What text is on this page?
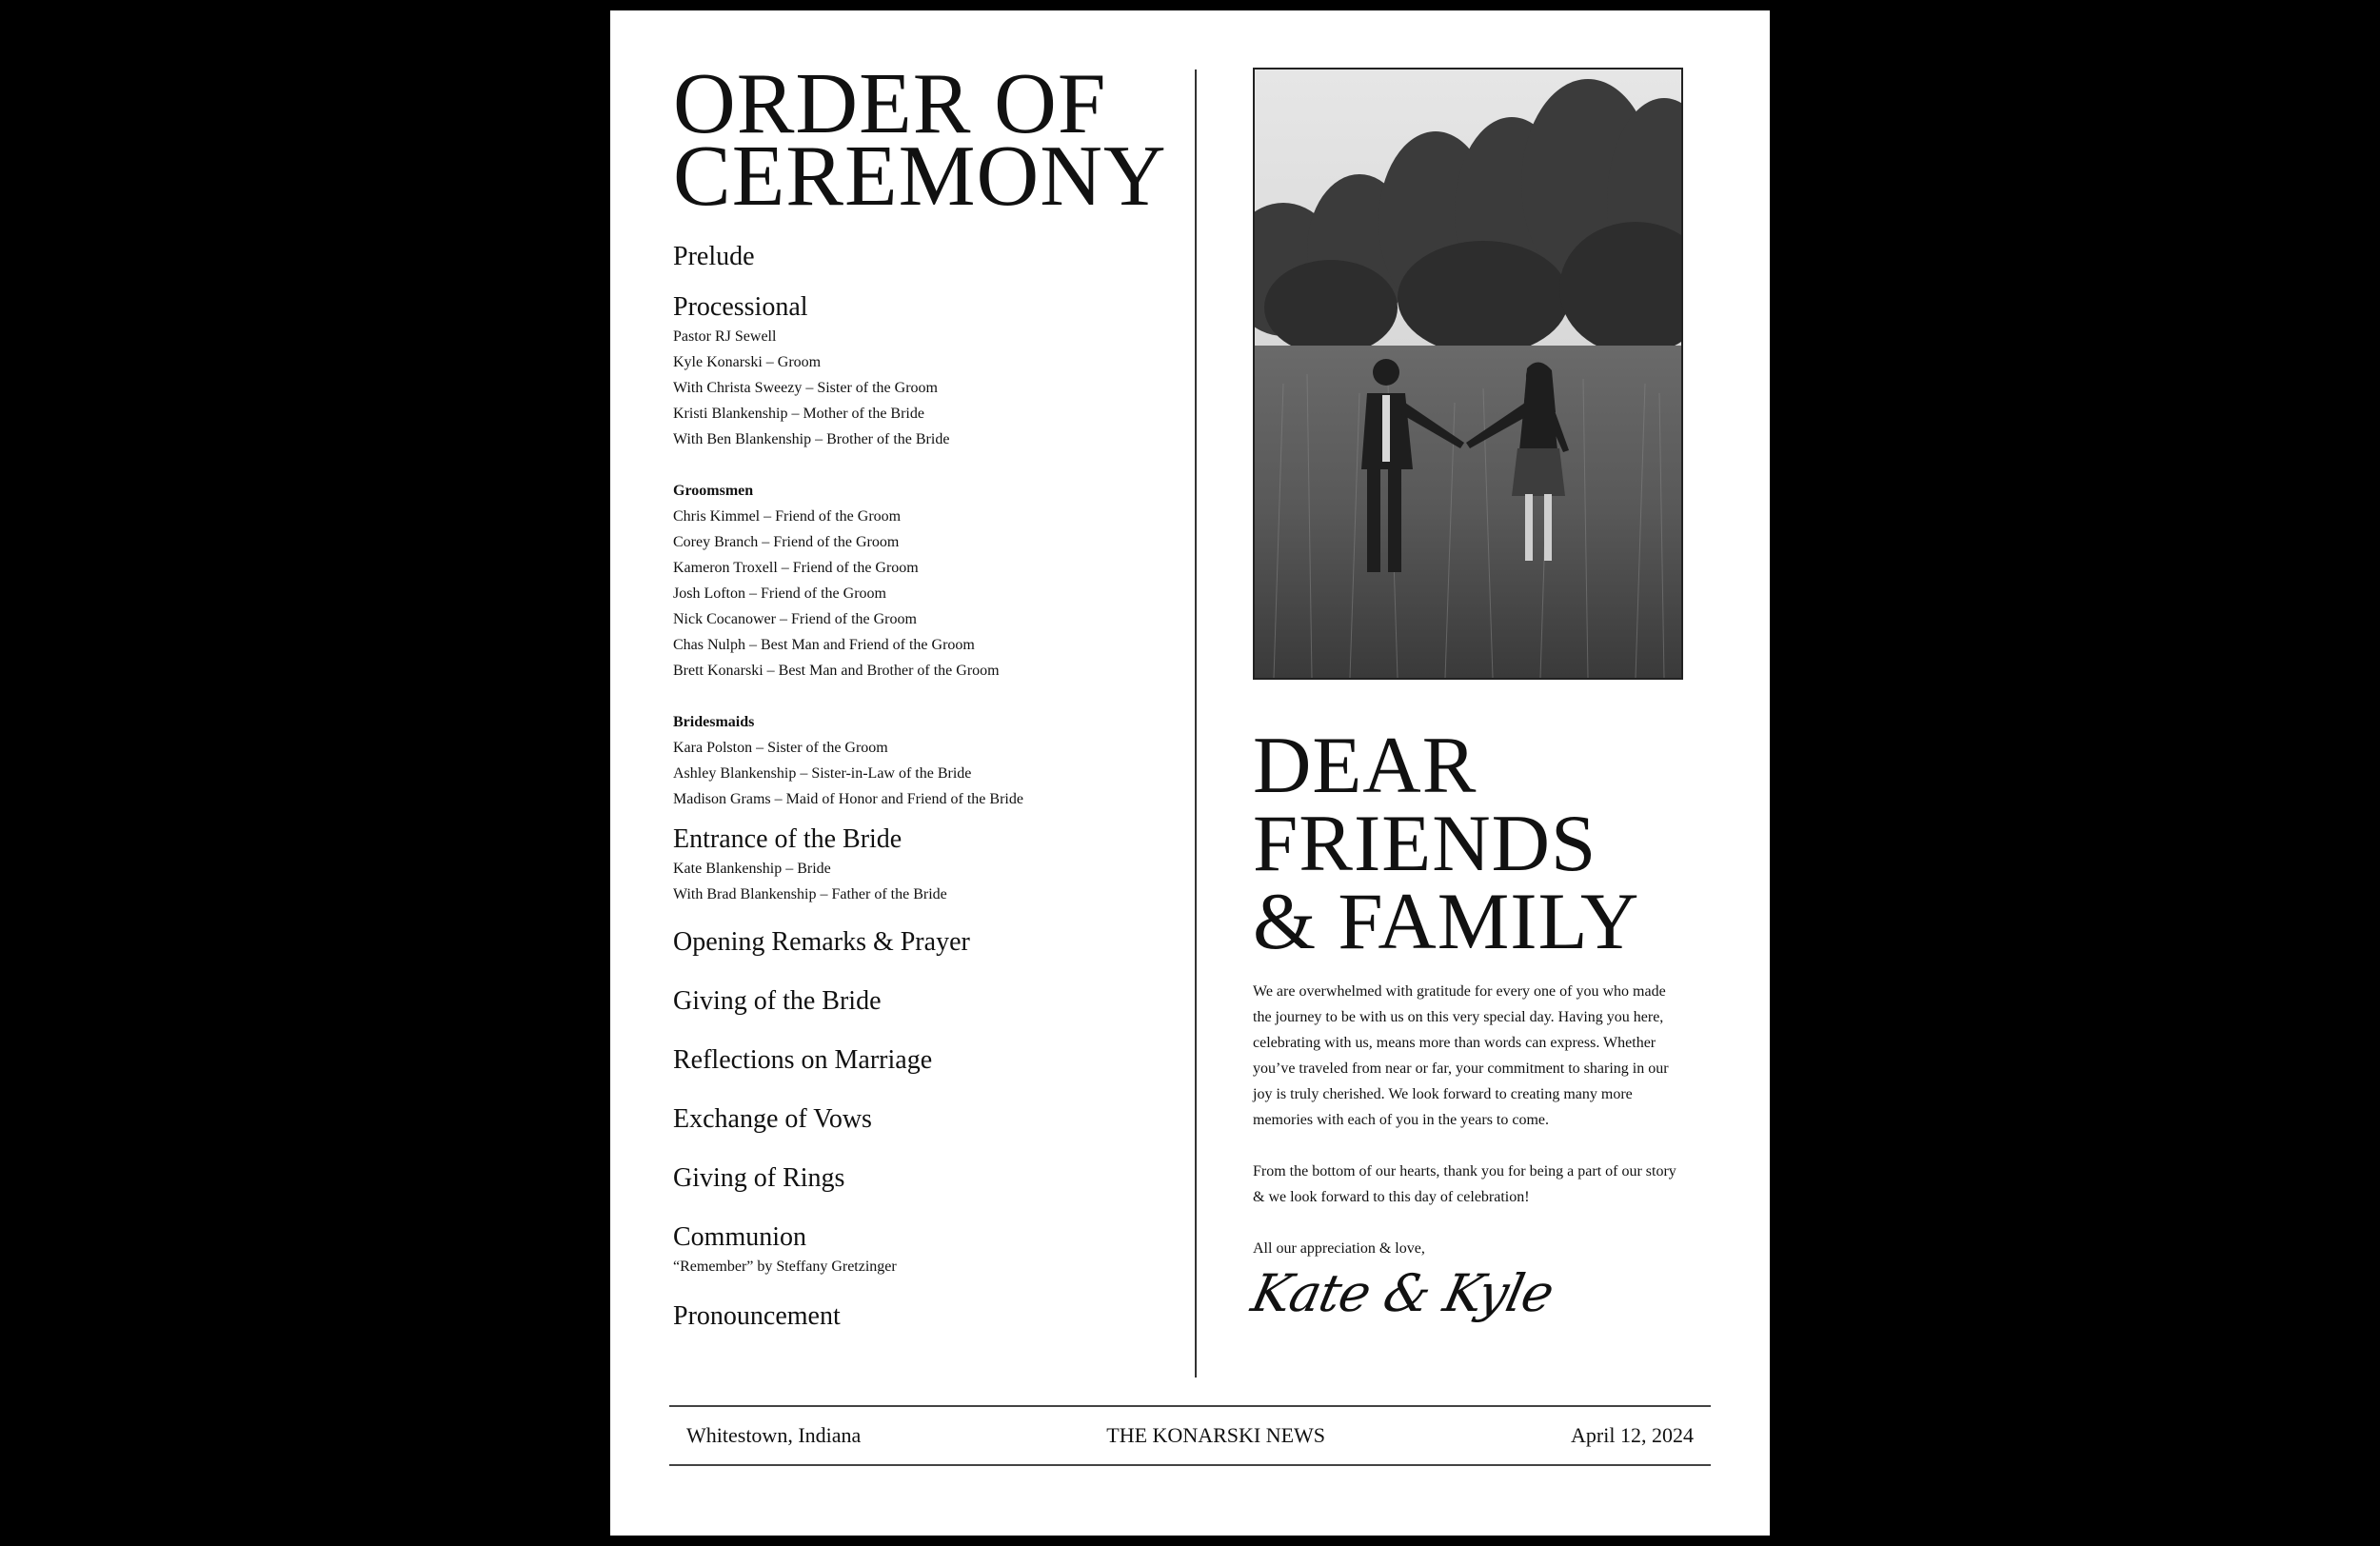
ORDER OF
CEREMONY

Prelude

Processional

Pastor RJ Sewell

Kyle Konarski – Groom

With Christa Sweezy – Sister of the Groom

Kristi Blankenship – Mother of the Bride

With Ben Blankenship – Brother of the Bride

Groomsmen

Chris Kimmel – Friend of the Groom

Corey Branch – Friend of the Groom

Kameron Troxell – Friend of the Groom

Josh Lofton – Friend of the Groom

Nick Cocanower – Friend of the Groom

Chas Nulph – Best Man and Friend of the Groom

Brett Konarski – Best Man and Brother of the Groom

Bridesmaids

Kara Polston – Sister of the Groom

Ashley Blankenship – Sister-in-Law of the Bride

Madison Grams – Maid of Honor and Friend of the Bride

Entrance of the Bride

Kate Blankenship – Bride

With Brad Blankenship – Father of the Bride

Opening Remarks & Prayer

Giving of the Bride

Reflections on Marriage

Exchange of Vows

Giving of Rings

Communion

“Remember” by Steffany Gretzinger

Pronouncement

DEAR
FRIENDS
& FAMILY

We are overwhelmed with gratitude for every one of you who made the journey to be with us on this very special day. Having you here, celebrating with us, means more than words can express. Whether you’ve traveled from near or far, your commitment to sharing in our joy is truly cherished. We look forward to creating many more memories with each of you in the years to come.

From the bottom of our hearts, thank you for being a part of our story & we look forward to this day of celebration!

All our appreciation & love,

Kate & Kyle
Whitestown, Indiana	THE KONARSKI NEWS	April 12, 2024
